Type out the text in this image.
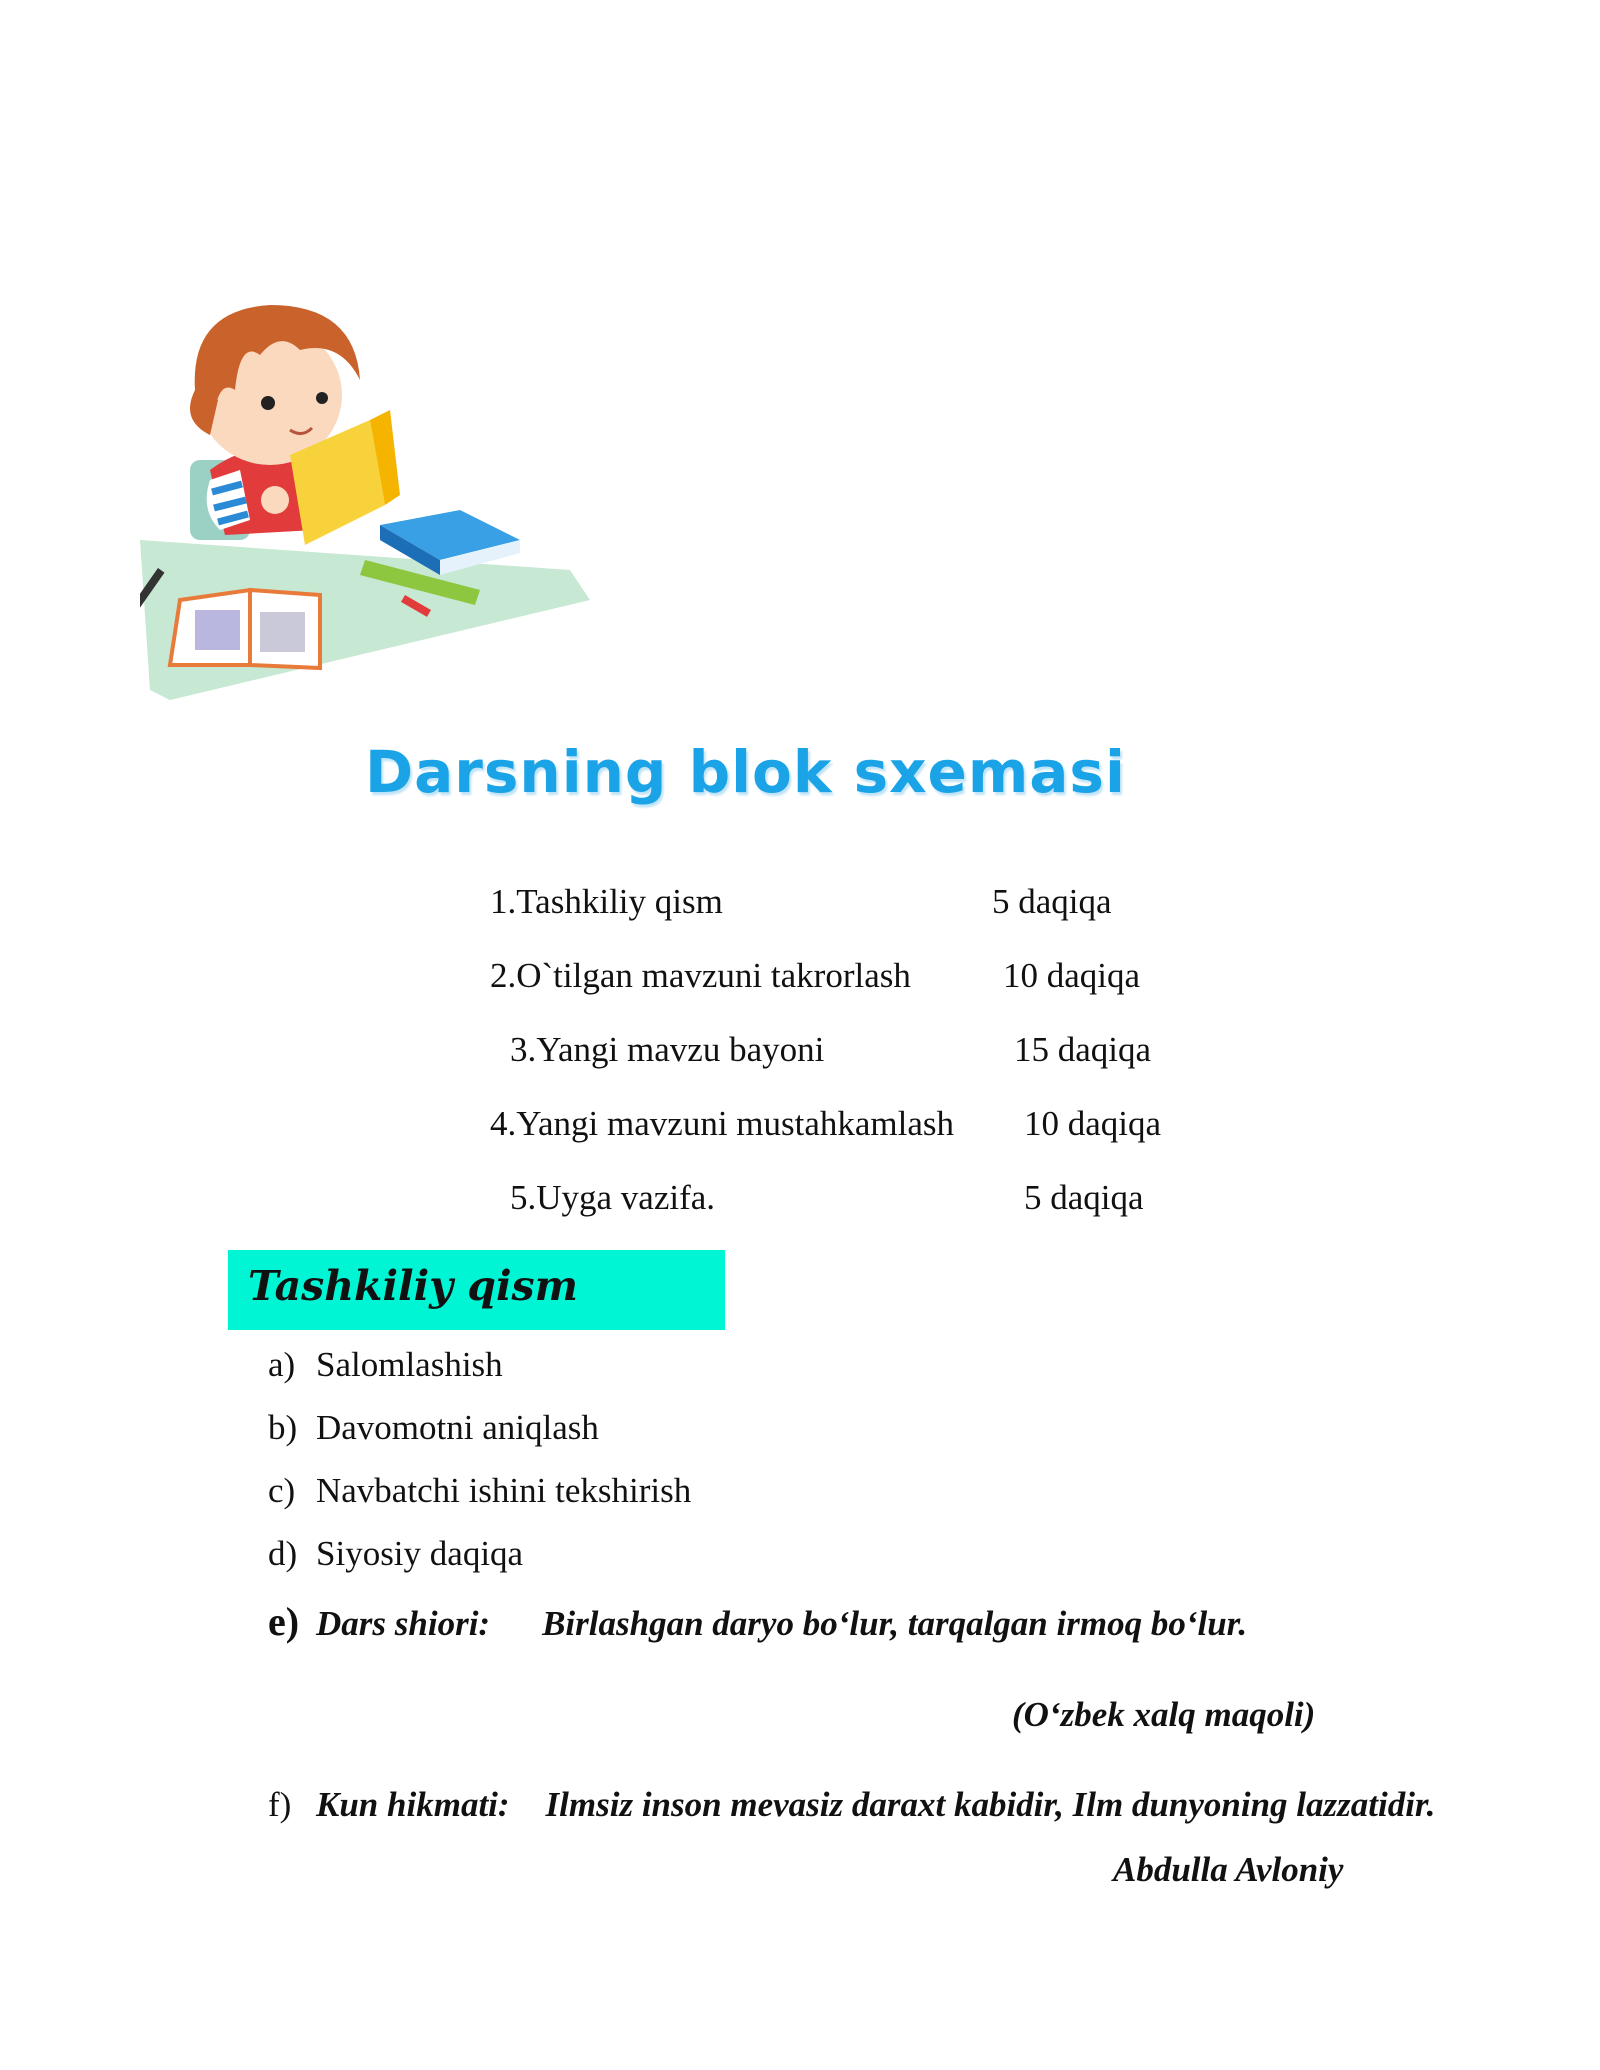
Darsning blok sxemasi
1.Tashkiliy qism	5 daqiqa
2.O`tilgan mavzuni takrorlash	10 daqiqa
3.Yangi mavzu bayoni	15 daqiqa
4.Yangi mavzuni mustahkamlash 10 daqiqa
5.Uyga vazifa.	5 daqiqa
Tashkiliy qism
a) Salomlashish
b) Davomotni aniqlash
c) Navbatchi ishini tekshirish
d) Siyosiy daqiqa
e) Dars shiori: Birlashgan daryo bo‘lur, tarqalgan irmoq bo‘lur.
(O‘zbek xalq maqoli)
f) Kun hikmati: Ilmsiz inson mevasiz daraxt kabidir, Ilm dunyoning lazzatidir.
Abdulla Avloniy
